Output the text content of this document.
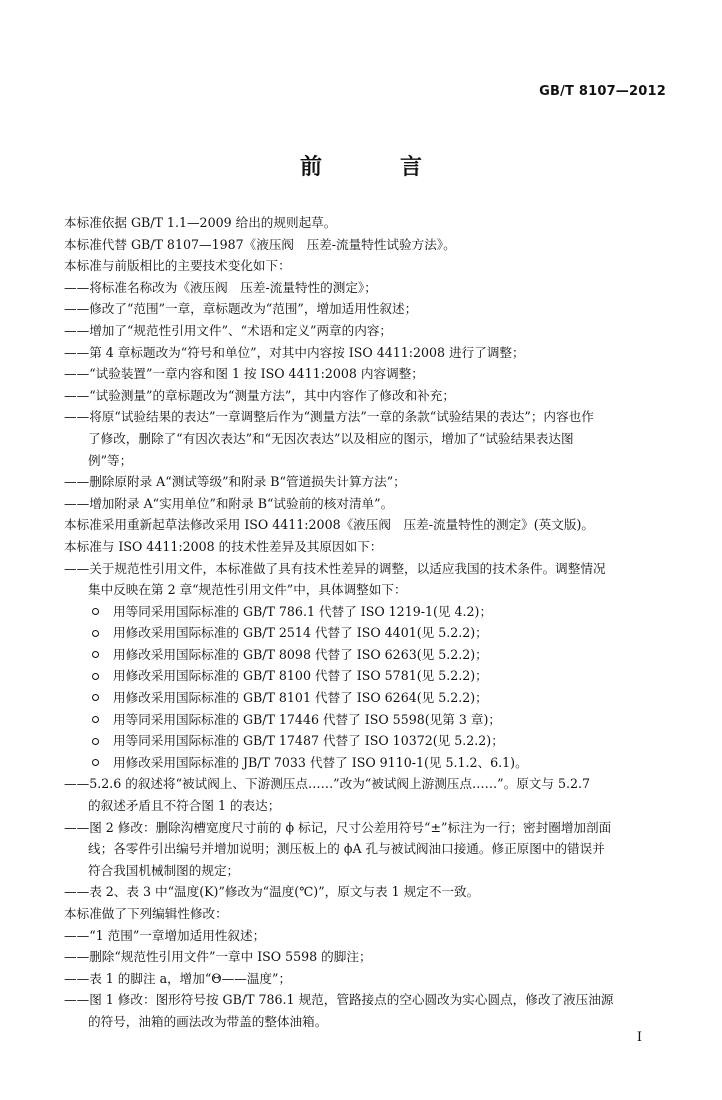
GB/T 8107—2012
前　言
本标准依据 GB/T 1.1—2009 给出的规则起草。
本标准代替 GB/T 8107—1987《液压阀　压差-流量特性试验方法》。
本标准与前版相比的主要技术变化如下：
——将标准名称改为《液压阀　压差-流量特性的测定》；
——修改了“范围”一章，章标题改为“范围”，增加适用性叙述；
——增加了“规范性引用文件”、“术语和定义”两章的内容；
——第 4 章标题改为“符号和单位”，对其中内容按 ISO 4411:2008 进行了调整；
——“试验装置”一章内容和图 1 按 ISO 4411:2008 内容调整；
——“试验测量”的章标题改为“测量方法”，其中内容作了修改和补充；
——将原“试验结果的表达”一章调整后作为“测量方法”一章的条款“试验结果的表达”；内容也作
了修改，删除了“有因次表达”和“无因次表达”以及相应的图示，增加了“试验结果表达图
例”等；
——删除原附录 A“测试等级”和附录 B“管道损失计算方法”；
——增加附录 A“实用单位”和附录 B“试验前的核对清单”。
本标准采用重新起草法修改采用 ISO 4411:2008《液压阀　压差-流量特性的测定》(英文版)。
本标准与 ISO 4411:2008 的技术性差异及其原因如下：
——关于规范性引用文件，本标准做了具有技术性差异的调整，以适应我国的技术条件。调整情况
集中反映在第 2 章“规范性引用文件”中，具体调整如下：
用等同采用国际标准的 GB/T 786.1 代替了 ISO 1219-1(见 4.2)；
用修改采用国际标准的 GB/T 2514 代替了 ISO 4401(见 5.2.2)；
用修改采用国际标准的 GB/T 8098 代替了 ISO 6263(见 5.2.2)；
用修改采用国际标准的 GB/T 8100 代替了 ISO 5781(见 5.2.2)；
用修改采用国际标准的 GB/T 8101 代替了 ISO 6264(见 5.2.2)；
用等同采用国际标准的 GB/T 17446 代替了 ISO 5598(见第 3 章)；
用等同采用国际标准的 GB/T 17487 代替了 ISO 10372(见 5.2.2)；
用修改采用国际标准的 JB/T 7033 代替了 ISO 9110-1(见 5.1.2、6.1)。
——5.2.6 的叙述将“被试阀上、下游测压点……”改为“被试阀上游测压点……”。原文与 5.2.7
的叙述矛盾且不符合图 1 的表达；
——图 2 修改：删除沟槽宽度尺寸前的 ϕ 标记，尺寸公差用符号“±”标注为一行；密封圈增加剖面
线；各零件引出编号并增加说明；测压板上的 ϕA 孔与被试阀油口接通。修正原图中的错误并
符合我国机械制图的规定；
——表 2、表 3 中“温度(K)”修改为“温度(℃)”，原文与表 1 规定不一致。
本标准做了下列编辑性修改：
——“1 范围”一章增加适用性叙述；
——删除“规范性引用文件”一章中 ISO 5598 的脚注；
——表 1 的脚注 a，增加“Θ——温度”；
——图 1 修改：图形符号按 GB/T 786.1 规范，管路接点的空心圆改为实心圆点，修改了液压油源
的符号，油箱的画法改为带盖的整体油箱。
I
